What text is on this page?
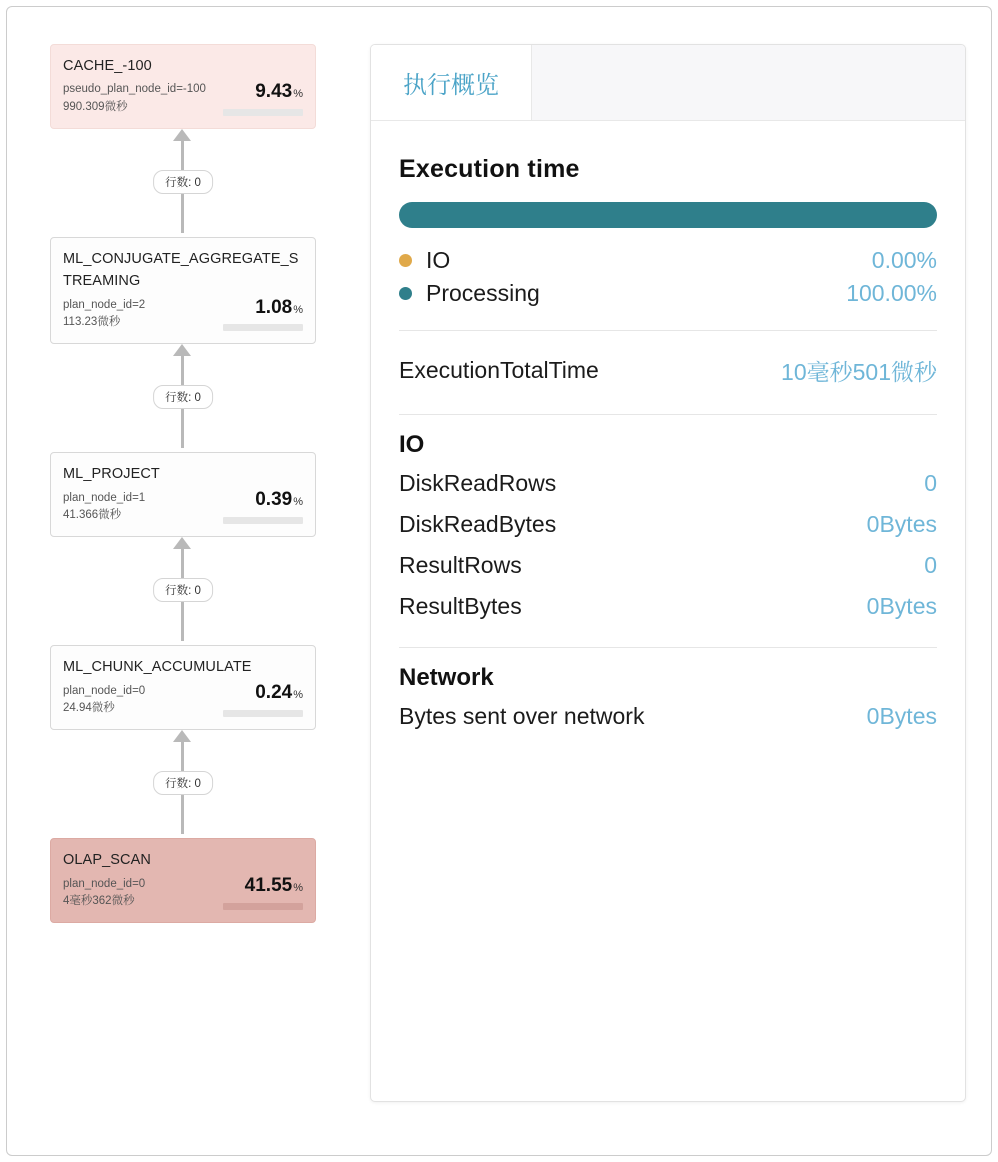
CACHE_-100
pseudo_plan_node_id=-100
990.309微秒
9.43%
行数: 0
ML_CONJUGATE_AGGREGATE_STREAMING
plan_node_id=2
113.23微秒
1.08%
行数: 0
ML_PROJECT
plan_node_id=1
41.366微秒
0.39%
行数: 0
ML_CHUNK_ACCUMULATE
plan_node_id=0
24.94微秒
0.24%
行数: 0
OLAP_SCAN
plan_node_id=0
4毫秒362微秒
41.55%
执行概览
Execution time
IO	0.00%
Processing	100.00%
ExecutionTotalTime	10毫秒501微秒
IO
DiskReadRows	0
DiskReadBytes	0Bytes
ResultRows	0
ResultBytes	0Bytes
Network
Bytes sent over network	0Bytes
